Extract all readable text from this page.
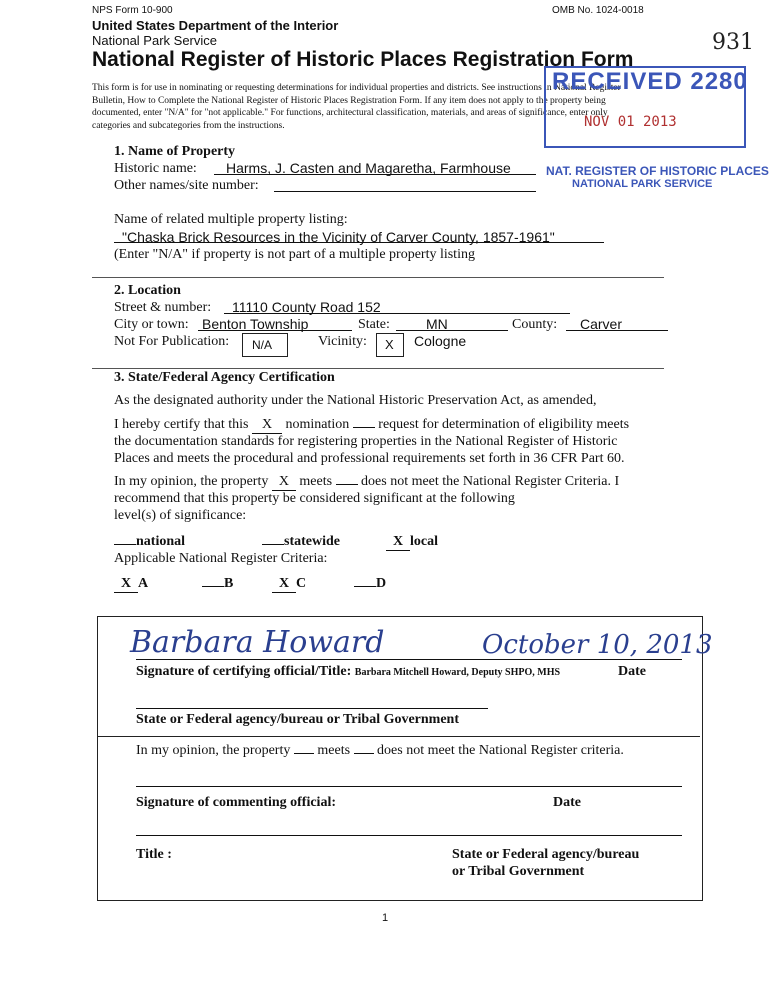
NPS Form 10-900	OMB No. 1024-0018
United States Department of the Interior
National Park Service
National Register of Historic Places Registration Form
931
This form is for use in nominating or requesting determinations for individual properties and districts. See instructions in National Register
Bulletin, How to Complete the National Register of Historic Places Registration Form. If any item does not apply to the property being
documented, enter "N/A" for "not applicable." For functions, architectural classification, materials, and areas of significance, enter only
categories and subcategories from the instructions.
RECEIVED 2280
NOV 01 2013
NAT. REGISTER OF HISTORIC PLACES
NATIONAL PARK SERVICE
1. Name of Property
Historic name: Harms, J. Casten and Magaretha, Farmhouse
Other names/site number:
Name of related multiple property listing:
"Chaska Brick Resources in the Vicinity of Carver County, 1857-1961"
(Enter "N/A" if property is not part of a multiple property listing
2. Location
Street & number: 11110 County Road 152
City or town: Benton Township	State:	MN	County: Carver
Not For Publication: N/A	Vicinity: X Cologne
3. State/Federal Agency Certification
As the designated authority under the National Historic Preservation Act, as amended,
I hereby certify that this X nomination request for determination of eligibility meets
the documentation standards for registering properties in the National Register of Historic
Places and meets the procedural and professional requirements set forth in 36 CFR Part 60.
In my opinion, the property X meets does not meet the National Register Criteria. I
recommend that this property be considered significant at the following
level(s) of significance:
national	statewide	X local
Applicable National Register Criteria:
X A	B	X C	D
Barbara Howard	October 10, 2013
Signature of certifying official/Title: Barbara Mitchell Howard, Deputy SHPO, MHS	Date
State or Federal agency/bureau or Tribal Government
In my opinion, the property meets does not meet the National Register criteria.
Signature of commenting official:	Date
Title :	State or Federal agency/bureau
or Tribal Government
1
